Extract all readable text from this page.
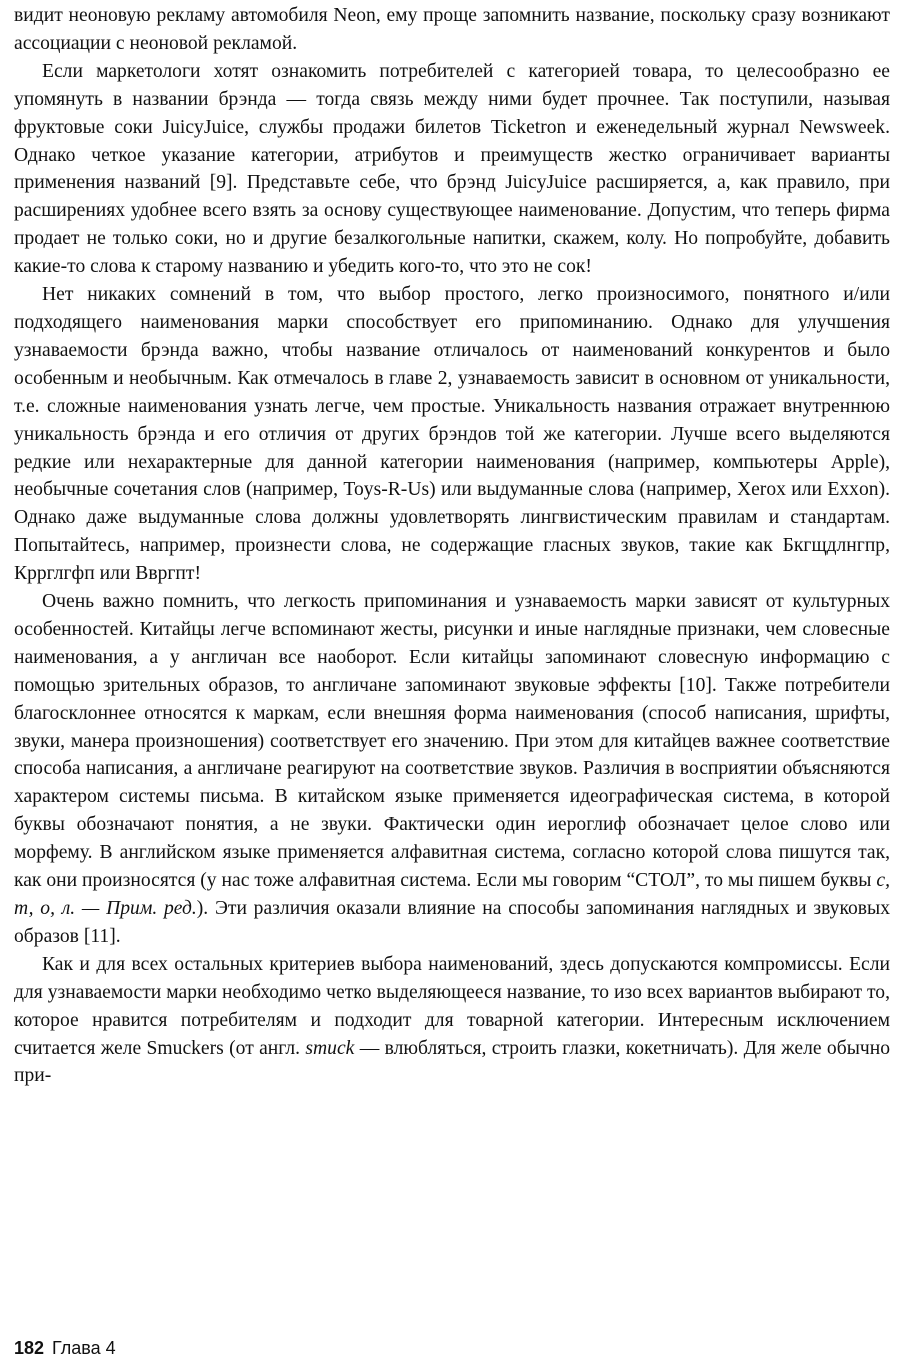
видит неоновую рекламу автомобиля Neon, ему проще запомнить название, поскольку сразу возникают ассоциации с неоновой рекламой.

Если маркетологи хотят ознакомить потребителей с категорией товара, то целесообразно ее упомянуть в названии брэнда — тогда связь между ними будет прочнее. Так поступили, называя фруктовые соки JuicyJuice, службы продажи билетов Ticketron и еженедельный журнал Newsweek. Однако четкое указание категории, атрибутов и преимуществ жестко ограничивает варианты применения названий [9]. Представьте себе, что брэнд JuicyJuice расширяется, а, как правило, при расширениях удобнее всего взять за основу существующее наименование. Допустим, что теперь фирма продает не только соки, но и другие безалкогольные напитки, скажем, колу. Но попробуйте, добавить какие-то слова к старому названию и убедить кого-то, что это не сок!

Нет никаких сомнений в том, что выбор простого, легко произносимого, понятного и/или подходящего наименования марки способствует его припоминанию. Однако для улучшения узнаваемости брэнда важно, чтобы название отличалось от наименований конкурентов и было особенным и необычным. Как отмечалось в главе 2, узнаваемость зависит в основном от уникальности, т.е. сложные наименования узнать легче, чем простые. Уникальность названия отражает внутреннюю уникальность брэнда и его отличия от других брэндов той же категории. Лучше всего выделяются редкие или нехарактерные для данной категории наименования (например, компьютеры Apple), необычные сочетания слов (например, Toys-R-Us) или выдуманные слова (например, Xerox или Exxon). Однако даже выдуманные слова должны удовлетворять лингвистическим правилам и стандартам. Попытайтесь, например, произнести слова, не содержащие гласных звуков, такие как Бкгщдлнгпр, Кррглгфп или Ввргпт!

Очень важно помнить, что легкость припоминания и узнаваемость марки зависят от культурных особенностей. Китайцы легче вспоминают жесты, рисунки и иные наглядные признаки, чем словесные наименования, а у англичан все наоборот. Если китайцы запоминают словесную информацию с помощью зрительных образов, то англичане запоминают звуковые эффекты [10]. Также потребители благосклоннее относятся к маркам, если внешняя форма наименования (способ написания, шрифты, звуки, манера произношения) соответствует его значению. При этом для китайцев важнее соответствие способа написания, а англичане реагируют на соответствие звуков. Различия в восприятии объясняются характером системы письма. В китайском языке применяется идеографическая система, в которой буквы обозначают понятия, а не звуки. Фактически один иероглиф обозначает целое слово или морфему. В английском языке применяется алфавитная система, согласно которой слова пишутся так, как они произносятся (у нас тоже алфавитная система. Если мы говорим “СТОЛ”, то мы пишем буквы с, т, о, л. — Прим. ред.). Эти различия оказали влияние на способы запоминания наглядных и звуковых образов [11].

Как и для всех остальных критериев выбора наименований, здесь допускаются компромиссы. Если для узнаваемости марки необходимо четко выделяющееся название, то изо всех вариантов выбирают то, которое нравится потребителям и подходит для товарной категории. Интересным исключением считается желе Smuckers (от англ. smuck — влюбляться, строить глазки, кокетничать). Для желе обычно при-

182 Глава 4
